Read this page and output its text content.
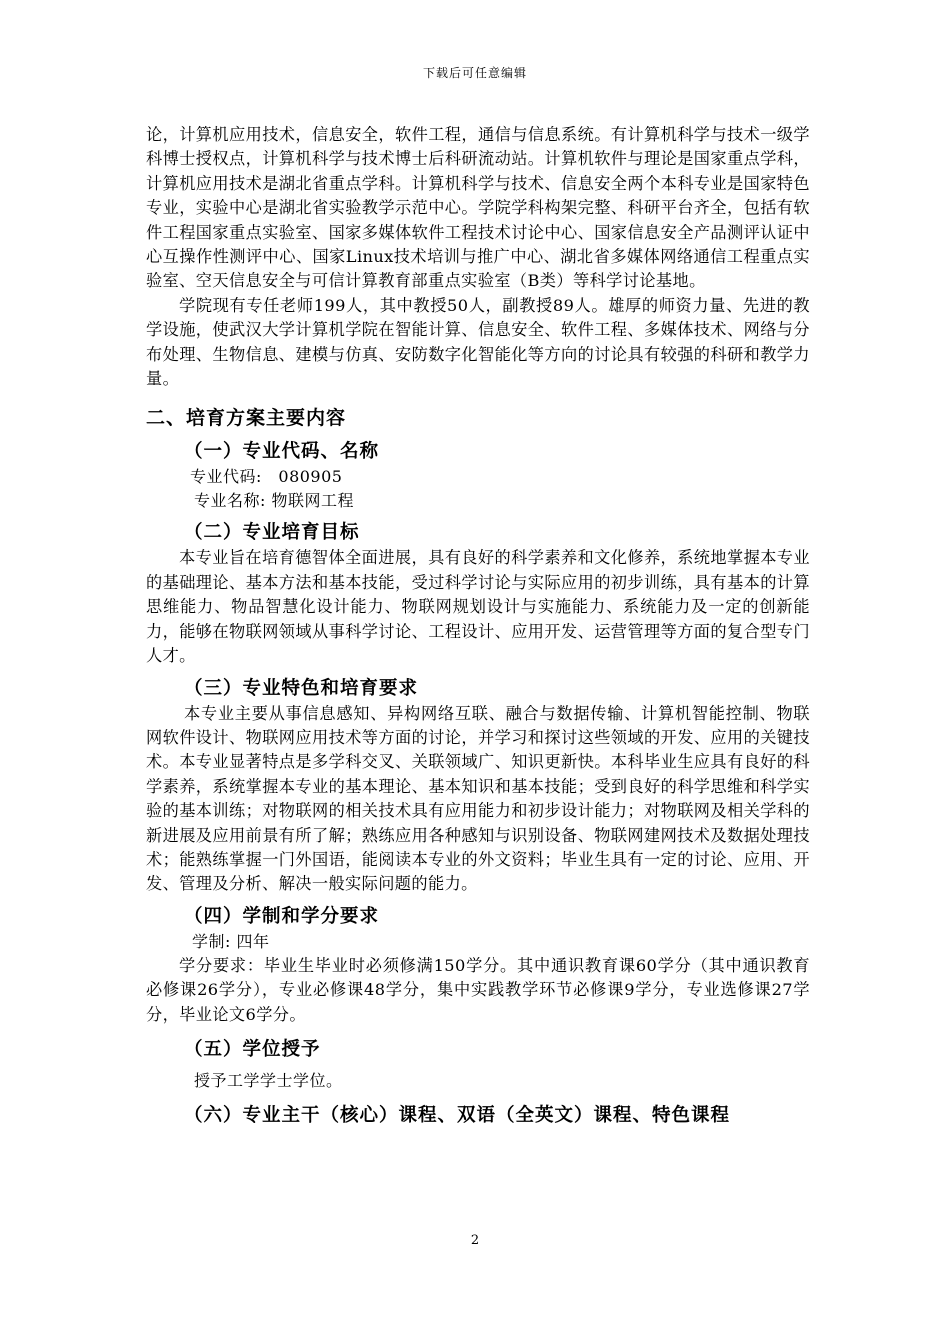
下载后可任意编辑

论，计算机应用技术，信息安全，软件工程，通信与信息系统。有计算机科学与技术一级学科博士授权点，计算机科学与技术博士后科研流动站。计算机软件与理论是国家重点学科，计算机应用技术是湖北省重点学科。计算机科学与技术、信息安全两个本科专业是国家特色专业，实验中心是湖北省实验教学示范中心。学院学科构架完整、科研平台齐全，包括有软件工程国家重点实验室、国家多媒体软件工程技术讨论中心、国家信息安全产品测评认证中心互操作性测评中心、国家Linux技术培训与推广中心、湖北省多媒体网络通信工程重点实验室、空天信息安全与可信计算教育部重点实验室（B类）等科学讨论基地。

学院现有专任老师199人，其中教授50人，副教授89人。雄厚的师资力量、先进的教学设施，使武汉大学计算机学院在智能计算、信息安全、软件工程、多媒体技术、网络与分布处理、生物信息、建模与仿真、安防数字化智能化等方向的讨论具有较强的科研和教学力量。

二、培育方案主要内容
（一）专业代码、名称

专业代码:　080905

专业名称: 物联网工程

（二）专业培育目标

本专业旨在培育德智体全面进展，具有良好的科学素养和文化修养，系统地掌握本专业的基础理论、基本方法和基本技能，受过科学讨论与实际应用的初步训练，具有基本的计算思维能力、物品智慧化设计能力、物联网规划设计与实施能力、系统能力及一定的创新能力，能够在物联网领域从事科学讨论、工程设计、应用开发、运营管理等方面的复合型专门人才。

（三）专业特色和培育要求

本专业主要从事信息感知、异构网络互联、融合与数据传输、计算机智能控制、物联网软件设计、物联网应用技术等方面的讨论，并学习和探讨这些领域的开发、应用的关键技术。本专业显著特点是多学科交叉、关联领域广、知识更新快。本科毕业生应具有良好的科学素养，系统掌握本专业的基本理论、基本知识和基本技能；受到良好的科学思维和科学实验的基本训练；对物联网的相关技术具有应用能力和初步设计能力；对物联网及相关学科的新进展及应用前景有所了解；熟练应用各种感知与识别设备、物联网建网技术及数据处理技术；能熟练掌握一门外国语，能阅读本专业的外文资料；毕业生具有一定的讨论、应用、开发、管理及分析、解决一般实际问题的能力。

（四）学制和学分要求

学制: 四年

学分要求：毕业生毕业时必须修满150学分。其中通识教育课60学分（其中通识教育必修课26学分），专业必修课48学分，集中实践教学环节必修课9学分，专业选修课27学分，毕业论文6学分。

（五）学位授予

授予工学学士学位。

（六）专业主干（核心）课程、双语（全英文）课程、特色课程
2
